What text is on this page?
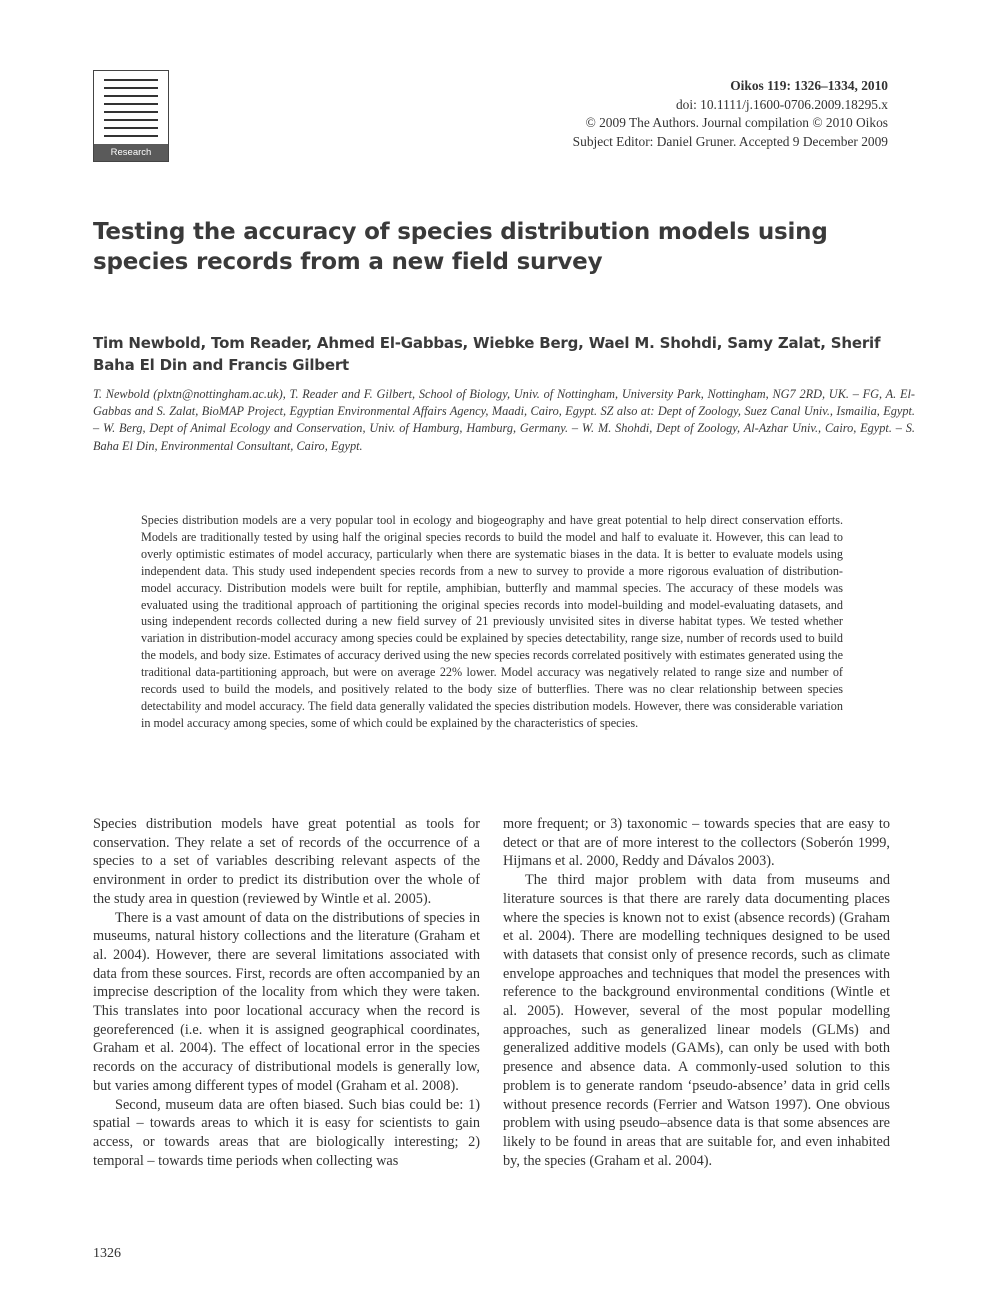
Research
Oikos 119: 1326–1334, 2010
doi: 10.1111/j.1600-0706.2009.18295.x
© 2009 The Authors. Journal compilation © 2010 Oikos
Subject Editor: Daniel Gruner. Accepted 9 December 2009
Testing the accuracy of species distribution models using species records from a new field survey
Tim Newbold, Tom Reader, Ahmed El-Gabbas, Wiebke Berg, Wael M. Shohdi, Samy Zalat, Sherif Baha El Din and Francis Gilbert
T. Newbold (plxtn@nottingham.ac.uk), T. Reader and F. Gilbert, School of Biology, Univ. of Nottingham, University Park, Nottingham, NG7 2RD, UK. – FG, A. El-Gabbas and S. Zalat, BioMAP Project, Egyptian Environmental Affairs Agency, Maadi, Cairo, Egypt. SZ also at: Dept of Zoology, Suez Canal Univ., Ismailia, Egypt. – W. Berg, Dept of Animal Ecology and Conservation, Univ. of Hamburg, Hamburg, Germany. – W. M. Shohdi, Dept of Zoology, Al-Azhar Univ., Cairo, Egypt. – S. Baha El Din, Environmental Consultant, Cairo, Egypt.
Species distribution models are a very popular tool in ecology and biogeography and have great potential to help direct conservation efforts. Models are traditionally tested by using half the original species records to build the model and half to evaluate it. However, this can lead to overly optimistic estimates of model accuracy, particularly when there are systematic biases in the data. It is better to evaluate models using independent data. This study used independent species records from a new to survey to provide a more rigorous evaluation of distribution-model accuracy. Distribution models were built for reptile, amphibian, butterfly and mammal species. The accuracy of these models was evaluated using the traditional approach of partitioning the original species records into model-building and model-evaluating datasets, and using independent records collected during a new field survey of 21 previously unvisited sites in diverse habitat types. We tested whether variation in distribution-model accuracy among species could be explained by species detectability, range size, number of records used to build the models, and body size. Estimates of accuracy derived using the new species records correlated positively with estimates generated using the traditional data-partitioning approach, but were on average 22% lower. Model accuracy was negatively related to range size and number of records used to build the models, and positively related to the body size of butterflies. There was no clear relationship between species detectability and model accuracy. The field data generally validated the species distribution models. However, there was considerable variation in model accuracy among species, some of which could be explained by the characteristics of species.

Species distribution models have great potential as tools for conservation. They relate a set of records of the occurrence of a species to a set of variables describing relevant aspects of the environment in order to predict its distribution over the whole of the study area in question (reviewed by Wintle et al. 2005).

There is a vast amount of data on the distributions of species in museums, natural history collections and the literature (Graham et al. 2004). However, there are several limitations associated with data from these sources. First, records are often accompanied by an imprecise description of the locality from which they were taken. This translates into poor locational accuracy when the record is georeferenced (i.e. when it is assigned geographical coordinates, Graham et al. 2004). The effect of locational error in the species records on the accuracy of distributional models is generally low, but varies among different types of model (Graham et al. 2008).

Second, museum data are often biased. Such bias could be: 1) spatial – towards areas to which it is easy for scientists to gain access, or towards areas that are biologically interesting; 2) temporal – towards time periods when collecting was

more frequent; or 3) taxonomic – towards species that are easy to detect or that are of more interest to the collectors (Soberón 1999, Hijmans et al. 2000, Reddy and Dávalos 2003).

The third major problem with data from museums and literature sources is that there are rarely data documenting places where the species is known not to exist (absence records) (Graham et al. 2004). There are modelling techniques designed to be used with datasets that consist only of presence records, such as climate envelope approaches and techniques that model the presences with reference to the background environmental conditions (Wintle et al. 2005). However, several of the most popular modelling approaches, such as generalized linear models (GLMs) and generalized additive models (GAMs), can only be used with both presence and absence data. A commonly-used solution to this problem is to generate random ‘pseudo-absence’ data in grid cells without presence records (Ferrier and Watson 1997). One obvious problem with using pseudo–absence data is that some absences are likely to be found in areas that are suitable for, and even inhabited by, the species (Graham et al. 2004).

1326
